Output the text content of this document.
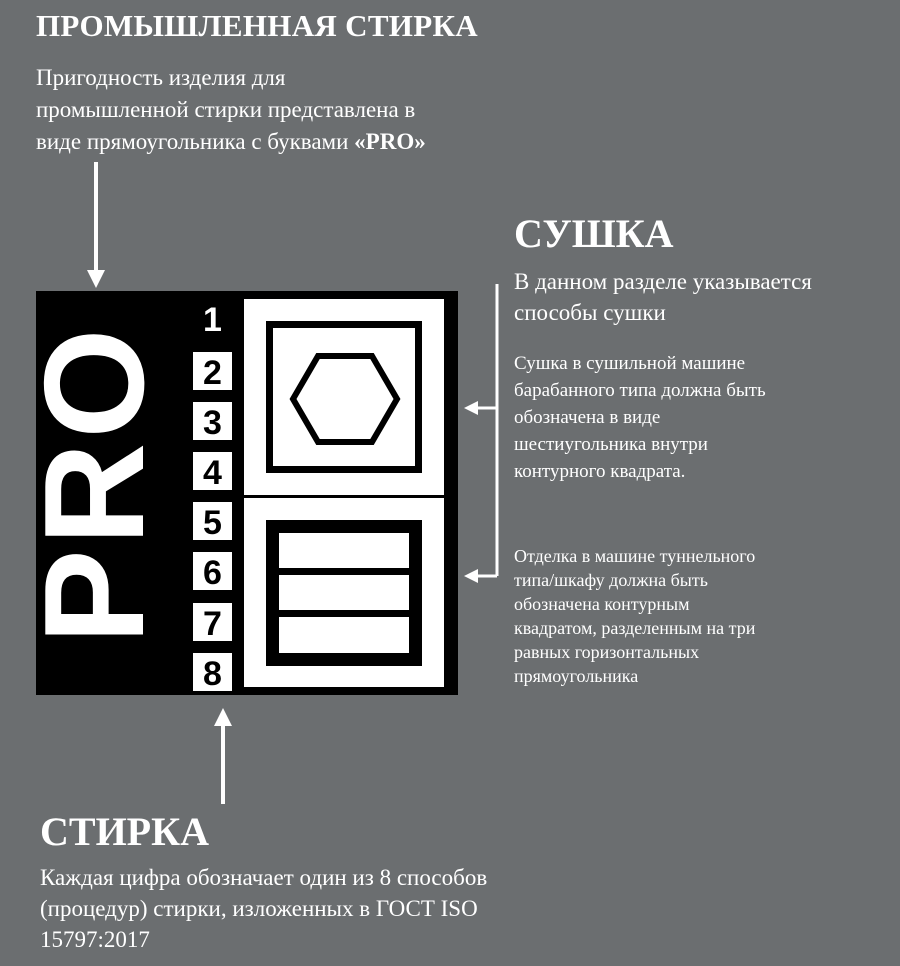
ПРОМЫШЛЕННАЯ СТИРКА
Пригодность изделия для
промышленной стирки представлена в
виде прямоугольника с буквами «PRO»
СУШКА
В данном разделе указывается
способы сушки
Сушка в сушильной машине
барабанного типа должна быть
обозначена в виде
шестиугольника внутри
контурного квадрата.
Отделка в машине туннельного
типа/шкафу должна быть
обозначена контурным
квадратом, разделенным на три
равных горизонтальных
прямоугольника
PRO
1
2
3
4
5
6
7
8
СТИРКА
Каждая цифра обозначает один из 8 способов
(процедур) стирки, изложенных в ГОСТ ISO
15797:2017
